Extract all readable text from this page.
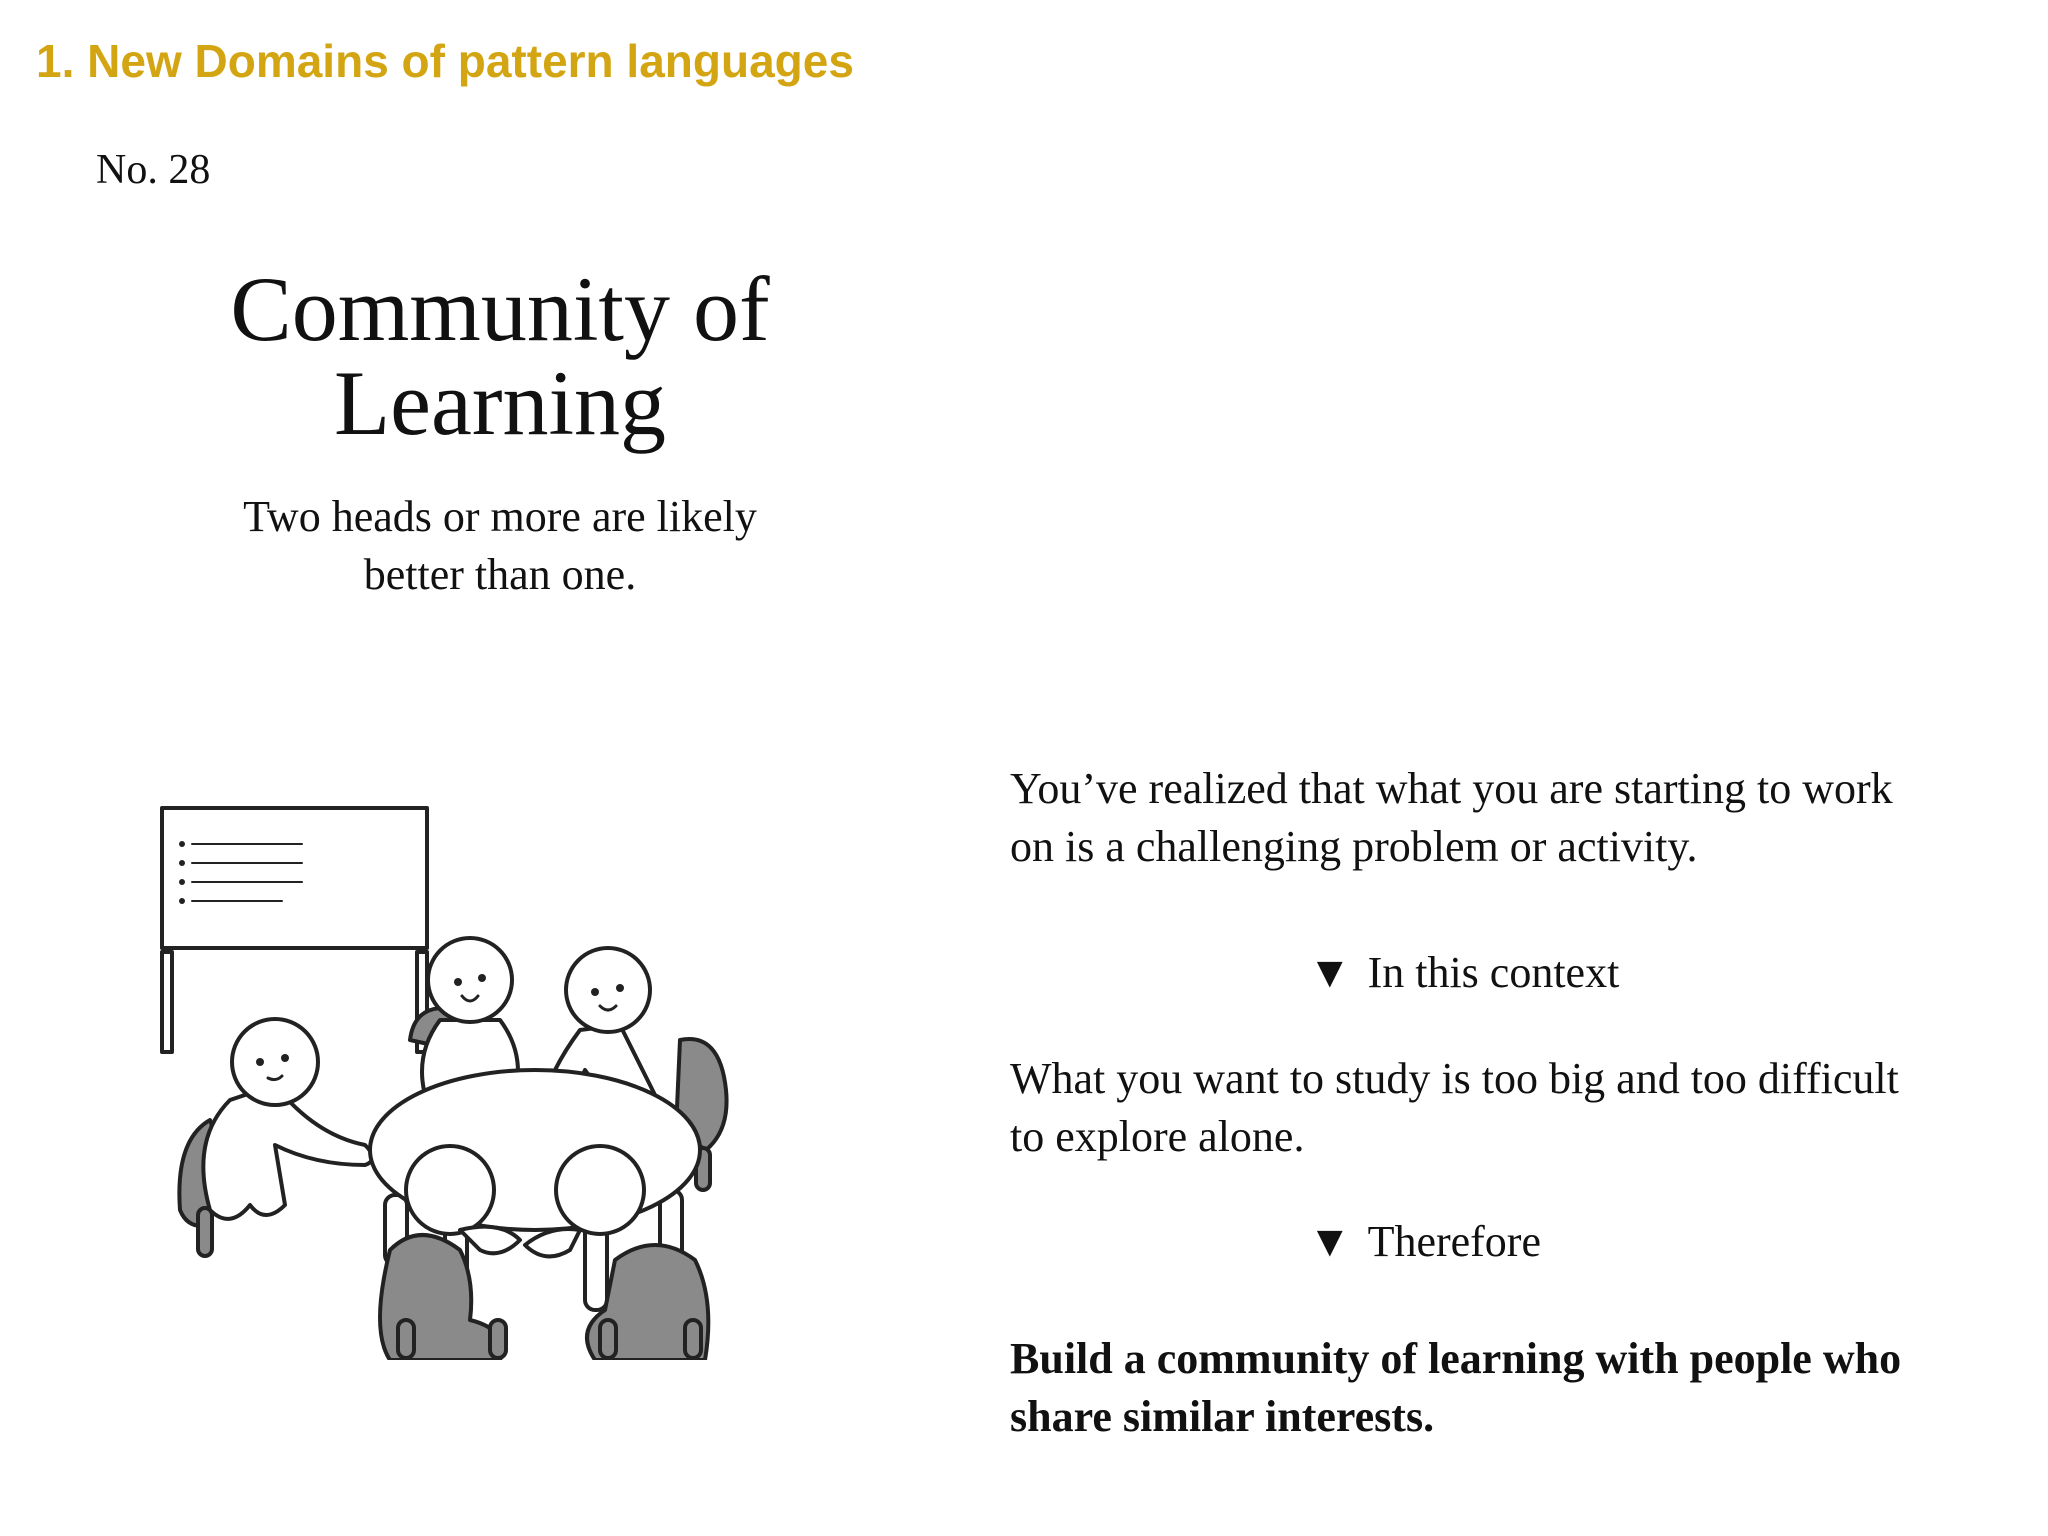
1. New Domains of pattern languages
No. 28
Community of
Learning
Two heads or more are likely
better than one.
You’ve realized that what you are starting to work
on is a challenging problem or activity.
▼ In this context
What you want to study is too big and too difficult
to explore alone.
▼ Therefore
Build a community of learning with people who
share similar interests.
